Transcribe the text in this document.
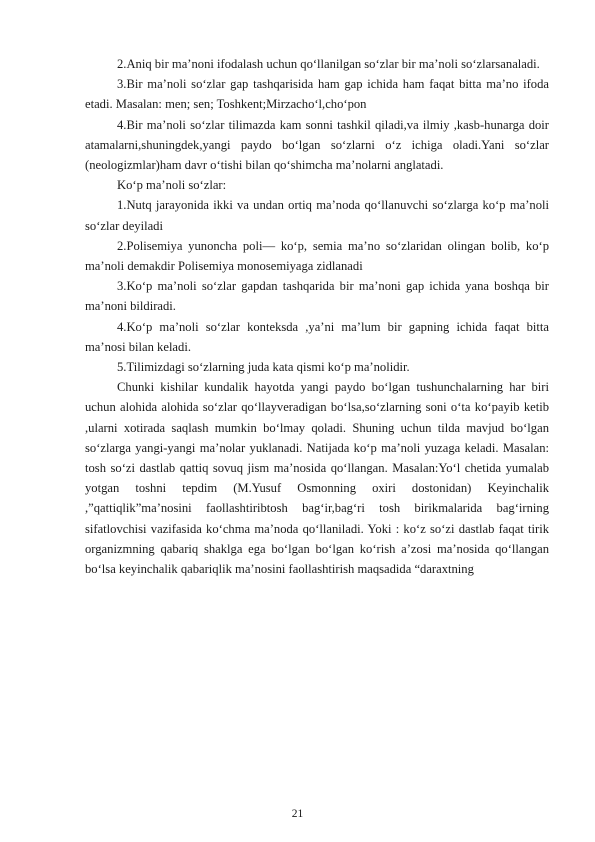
2.Aniq bir ma’noni ifodalash uchun qo‘llanilgan so‘zlar bir ma’noli so‘zlarsanaladi.

3.Bir ma’noli so‘zlar gap tashqarisida ham gap ichida ham faqat bitta ma’no ifoda etadi. Masalan: men; sen; Toshkent;Mirzacho‘l,cho‘pon

4.Bir ma’noli so‘zlar tilimazda kam sonni tashkil qiladi,va ilmiy ,kasb-hunarga doir atamalarni,shuningdek,yangi paydo bo‘lgan so‘zlarni o‘z ichiga oladi.Yani so‘zlar (neologizmlar)ham davr o‘tishi bilan qo‘shimcha ma’nolarni anglatadi.

Ko‘p ma’noli so‘zlar:

1.Nutq jarayonida ikki va undan ortiq ma’noda qo‘llanuvchi so‘zlarga ko‘p ma’noli so‘zlar deyiladi

2.Polisemiya yunoncha poli— ko‘p, semia ma’no so‘zlaridan olingan bolib, ko‘p ma’noli demakdir Polisemiya monosemiyaga zidlanadi

3.Ko‘p ma’noli so‘zlar gapdan tashqarida bir ma’noni gap ichida yana boshqa bir ma’noni bildiradi.

4.Ko‘p ma’noli so‘zlar konteksda ,ya’ni ma’lum bir gapning ichida faqat bitta ma’nosi bilan keladi.

5.Tilimizdagi so‘zlarning juda kata qismi ko‘p ma’nolidir.

Chunki kishilar kundalik hayotda yangi paydo bo‘lgan tushunchalarning har biri uchun alohida alohida so‘zlar qo‘llayveradigan bo‘lsa,so‘zlarning soni o‘ta ko‘payib ketib ,ularni xotirada saqlash mumkin bo‘lmay qoladi. Shuning uchun tilda mavjud bo‘lgan so‘zlarga yangi-yangi ma’nolar yuklanadi. Natijada ko‘p ma’noli yuzaga keladi. Masalan: tosh so‘zi dastlab qattiq sovuq jism ma’nosida qo‘llangan. Masalan:Yo‘l chetida yumalab yotgan toshni tepdim (M.Yusuf Osmonning oxiri dostonidan) Keyinchalik ,”qattiqlik”ma’nosini faollashtiribtosh bag‘ir,bag‘ri tosh birikmalarida bag‘irning sifatlovchisi vazifasida ko‘chma ma’noda qo‘llaniladi. Yoki : ko‘z so‘zi dastlab faqat tirik organizmning qabariq shaklga ega bo‘lgan bo‘lgan ko‘rish a’zosi ma’nosida qo‘llangan bo‘lsa keyinchalik qabariqlik ma’nosini faollashtirish maqsadida “daraxtning

21
